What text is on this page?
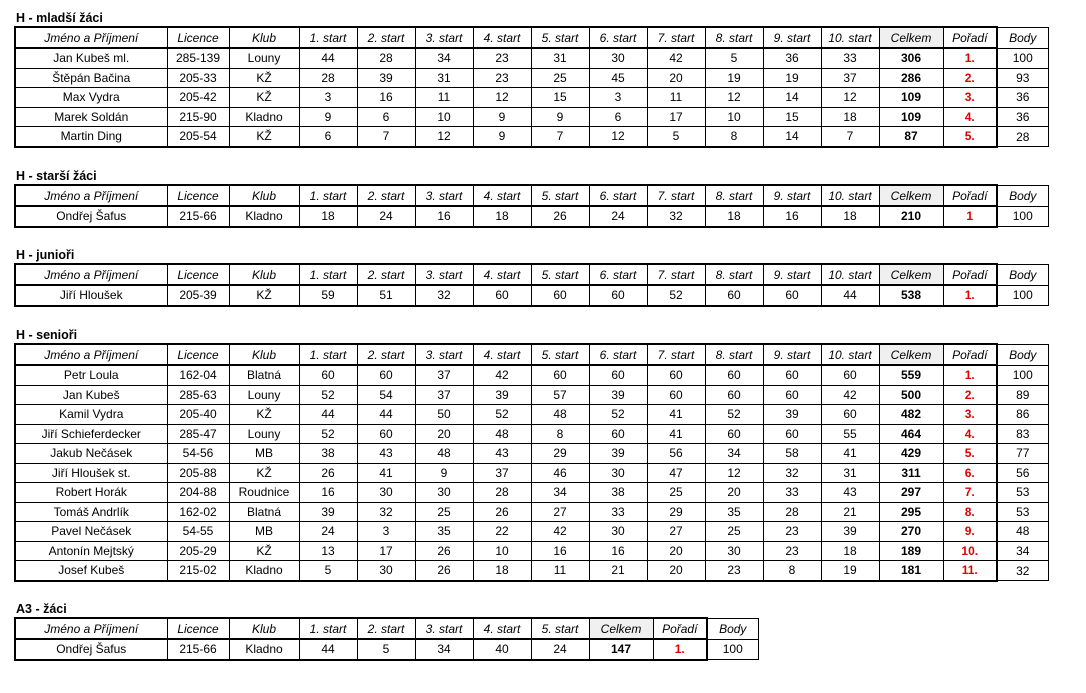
H - mladší žáci
Jméno a Příjmení	Licence	Klub	1. start	2. start	3. start	4. start	5. start	6. start	7. start	8. start	9. start	10. start	Celkem	Pořadí	Body
Jan Kubeš ml.	285-139	Louny	44	28	34	23	31	30	42	5	36	33	306	1.	100
Štěpán Bačina	205-33	KŽ	28	39	31	23	25	45	20	19	19	37	286	2.	93
Max Vydra	205-42	KŽ	3	16	11	12	15	3	11	12	14	12	109	3.	36
Marek Soldán	215-90	Kladno	9	6	10	9	9	6	17	10	15	18	109	4.	36
Martin Ding	205-54	KŽ	6	7	12	9	7	12	5	8	14	7	87	5.	28
H - starší žáci
Jméno a Příjmení	Licence	Klub	1. start	2. start	3. start	4. start	5. start	6. start	7. start	8. start	9. start	10. start	Celkem	Pořadí	Body
Ondřej Šafus	215-66	Kladno	18	24	16	18	26	24	32	18	16	18	210	1	100
H - junioři
Jméno a Příjmení	Licence	Klub	1. start	2. start	3. start	4. start	5. start	6. start	7. start	8. start	9. start	10. start	Celkem	Pořadí	Body
Jiří Hloušek	205-39	KŽ	59	51	32	60	60	60	52	60	60	44	538	1.	100
H - senioři
Jméno a Příjmení	Licence	Klub	1. start	2. start	3. start	4. start	5. start	6. start	7. start	8. start	9. start	10. start	Celkem	Pořadí	Body
Petr Loula	162-04	Blatná	60	60	37	42	60	60	60	60	60	60	559	1.	100
Jan Kubeš	285-63	Louny	52	54	37	39	57	39	60	60	60	42	500	2.	89
Kamil Vydra	205-40	KŽ	44	44	50	52	48	52	41	52	39	60	482	3.	86
Jiří Schieferdecker	285-47	Louny	52	60	20	48	8	60	41	60	60	55	464	4.	83
Jakub Nečásek	54-56	MB	38	43	48	43	29	39	56	34	58	41	429	5.	77
Jiří Hloušek st.	205-88	KŽ	26	41	9	37	46	30	47	12	32	31	311	6.	56
Robert Horák	204-88	Roudnice	16	30	30	28	34	38	25	20	33	43	297	7.	53
Tomáš Andrlík	162-02	Blatná	39	32	25	26	27	33	29	35	28	21	295	8.	53
Pavel Nečásek	54-55	MB	24	3	35	22	42	30	27	25	23	39	270	9.	48
Antonín Mejtský	205-29	KŽ	13	17	26	10	16	16	20	30	23	18	189	10.	34
Josef Kubeš	215-02	Kladno	5	30	26	18	11	21	20	23	8	19	181	11.	32
A3 - žáci
Jméno a Příjmení	Licence	Klub	1. start	2. start	3. start	4. start	5. start	Celkem	Pořadí	Body
Ondřej Šafus	215-66	Kladno	44	5	34	40	24	147	1.	100
